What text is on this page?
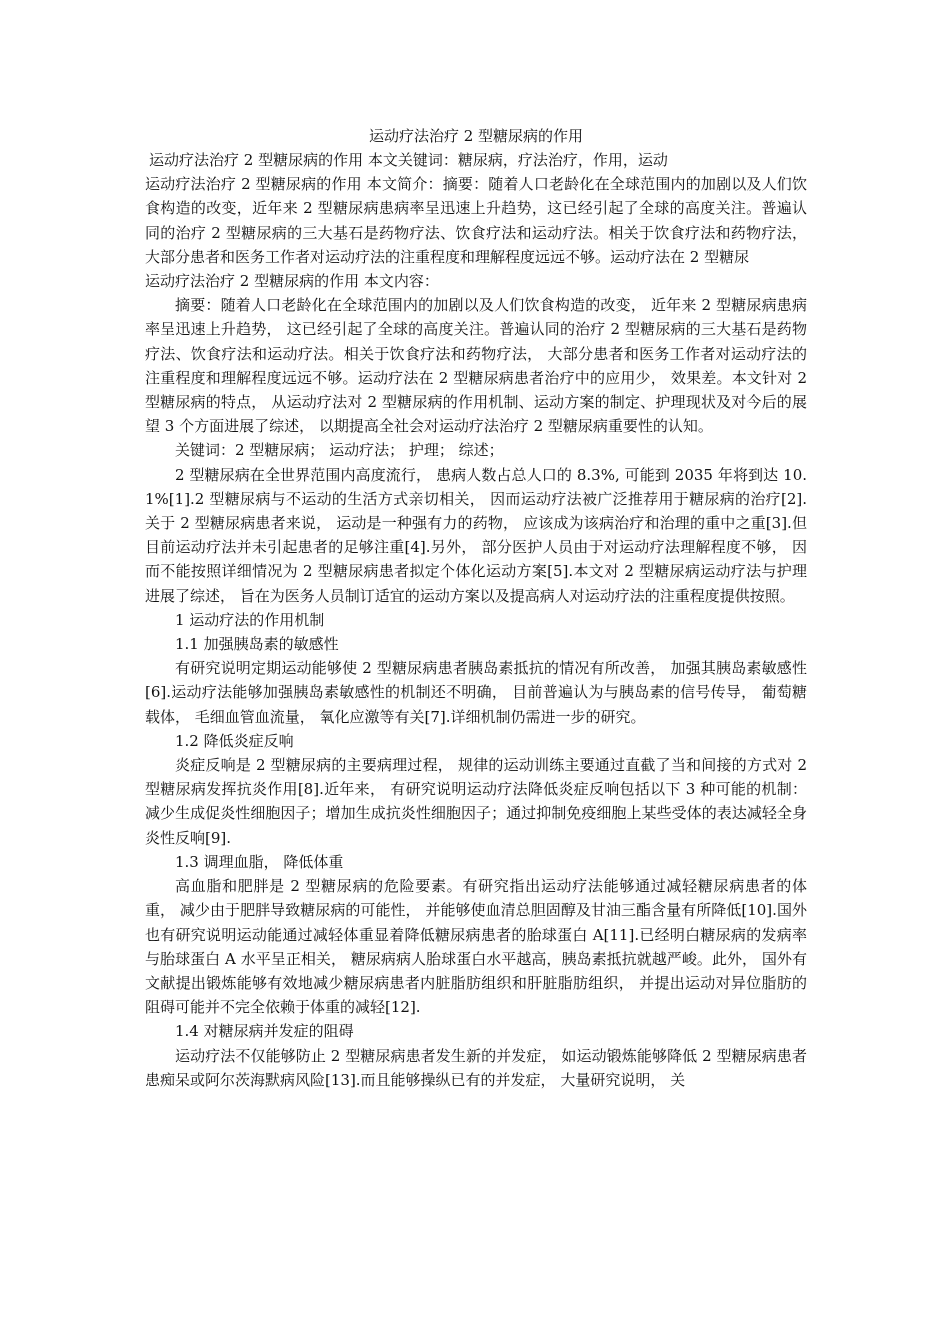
运动疗法治疗 2 型糖尿病的作用

运动疗法治疗 2 型糖尿病的作用 本文关键词：糖尿病，疗法治疗，作用，运动

运动疗法治疗 2 型糖尿病的作用 本文简介：摘要：随着人口老龄化在全球范围内的加剧以及人们饮食构造的改变，近年来 2 型糖尿病患病率呈迅速上升趋势，这已经引起了全球的高度关注。普遍认同的治疗 2 型糖尿病的三大基石是药物疗法、饮食疗法和运动疗法。相关于饮食疗法和药物疗法，大部分患者和医务工作者对运动疗法的注重程度和理解程度远远不够。运动疗法在 2 型糖尿

运动疗法治疗 2 型糖尿病的作用 本文内容：

摘要：随着人口老龄化在全球范围内的加剧以及人们饮食构造的改变， 近年来 2 型糖尿病患病率呈迅速上升趋势， 这已经引起了全球的高度关注。普遍认同的治疗 2 型糖尿病的三大基石是药物疗法、饮食疗法和运动疗法。相关于饮食疗法和药物疗法， 大部分患者和医务工作者对运动疗法的注重程度和理解程度远远不够。运动疗法在 2 型糖尿病患者治疗中的应用少， 效果差。本文针对 2 型糖尿病的特点， 从运动疗法对 2 型糖尿病的作用机制、运动方案的制定、护理现状及对今后的展望 3 个方面进展了综述， 以期提高全社会对运动疗法治疗 2 型糖尿病重要性的认知。

关键词：2 型糖尿病； 运动疗法； 护理； 综述；

2 型糖尿病在全世界范围内高度流行， 患病人数占总人口的 8.3%, 可能到 2035 年将到达 10.1%[1].2 型糖尿病与不运动的生活方式亲切相关， 因而运动疗法被广泛推荐用于糖尿病的治疗[2].关于 2 型糖尿病患者来说， 运动是一种强有力的药物， 应该成为该病治疗和治理的重中之重[3].但目前运动疗法并未引起患者的足够注重[4].另外， 部分医护人员由于对运动疗法理解程度不够， 因而不能按照详细情况为 2 型糖尿病患者拟定个体化运动方案[5].本文对 2 型糖尿病运动疗法与护理进展了综述， 旨在为医务人员制订适宜的运动方案以及提高病人对运动疗法的注重程度提供按照。

1 运动疗法的作用机制

1.1 加强胰岛素的敏感性

有研究说明定期运动能够使 2 型糖尿病患者胰岛素抵抗的情况有所改善， 加强其胰岛素敏感性[6].运动疗法能够加强胰岛素敏感性的机制还不明确， 目前普遍认为与胰岛素的信号传导， 葡萄糖载体， 毛细血管血流量， 氧化应激等有关[7].详细机制仍需进一步的研究。

1.2 降低炎症反响

炎症反响是 2 型糖尿病的主要病理过程， 规律的运动训练主要通过直截了当和间接的方式对 2 型糖尿病发挥抗炎作用[8].近年来， 有研究说明运动疗法降低炎症反响包括以下 3 种可能的机制：减少生成促炎性细胞因子；增加生成抗炎性细胞因子；通过抑制免疫细胞上某些受体的表达减轻全身炎性反响[9].

1.3 调理血脂， 降低体重

高血脂和肥胖是 2 型糖尿病的危险要素。有研究指出运动疗法能够通过减轻糖尿病患者的体重， 减少由于肥胖导致糖尿病的可能性， 并能够使血清总胆固醇及甘油三酯含量有所降低[10].国外也有研究说明运动能通过减轻体重显着降低糖尿病患者的胎球蛋白 A[11].已经明白糖尿病的发病率与胎球蛋白 A 水平呈正相关， 糖尿病病人胎球蛋白水平越高，胰岛素抵抗就越严峻。此外， 国外有文献提出锻炼能够有效地减少糖尿病患者内脏脂肪组织和肝脏脂肪组织， 并提出运动对异位脂肪的阻碍可能并不完全依赖于体重的减轻[12].

1.4 对糖尿病并发症的阻碍

运动疗法不仅能够防止 2 型糖尿病患者发生新的并发症， 如运动锻炼能够降低 2 型糖尿病患者患痴呆或阿尔茨海默病风险[13].而且能够操纵已有的并发症， 大量研究说明， 关
